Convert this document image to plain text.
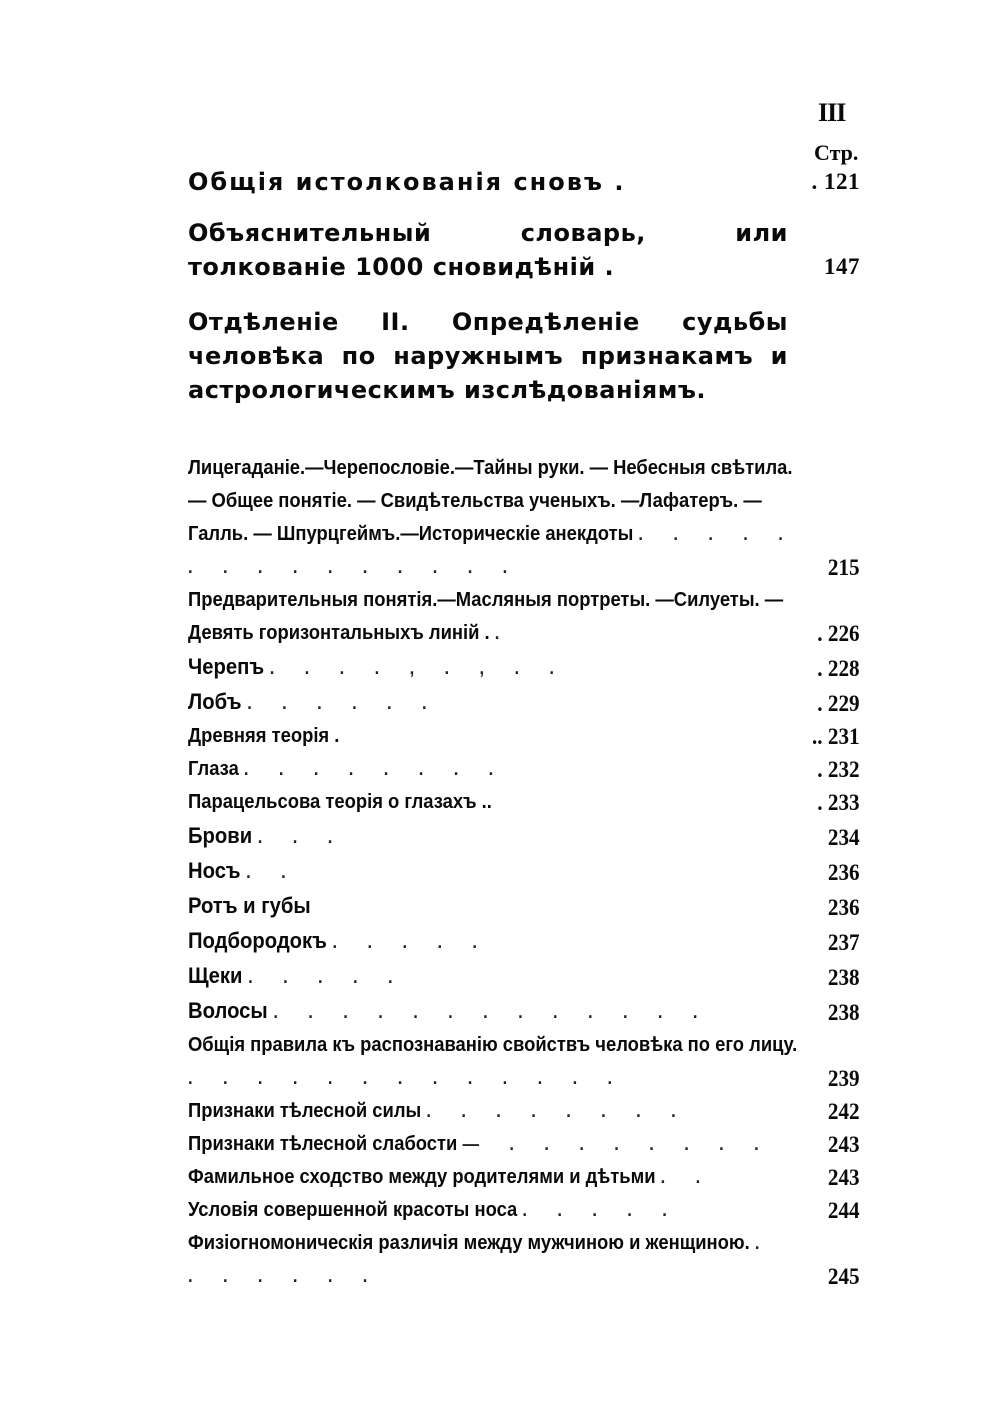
III
Стр.
Общія истолкованія сновъ .	. 121
Объяснительный словарь, или толкованіе 1000 сновидѣній .	147
Отдѣленіе II. Опредѣленіе судьбы человѣка по наружнымъ признакамъ и астрологическимъ изслѣдованіямъ.
Лицегаданіе.—Черепословіе.—Тайны руки. — Небесныя свѣтила. — Общее понятіе. — Свидѣтельства ученыхъ. —Лафатеръ. — Галль. — Шпурцгеймъ.—Историческіе анекдоты . . . . . . . . . . . . . . .	215
Предварительныя понятія.—Масляныя портреты. —Силуеты. — Девять горизонтальныхъ линій . .	. 226
Черепъ . . . . , . , . .	. 228
Лобъ . . . . . .	. 229
Древняя теорія .	.. 231
Глаза . . . . . . . .	. 232
Парацельсова теорія о глазахъ ..	. 233
Брови . . .	234
Носъ . .	236
Ротъ и губы	236
Подбородокъ . . . . .	237
Щеки . . . . .	238
Волосы . . . . . . . . . . . . .	238
Общія правила къ распознаванію свойствъ человѣка по его лицу. . . . . . . . . . . . . .	239
Признаки тѣлесной силы . . . . . . . .	242
Признаки тѣлесной слабости — . . . . . . . . 243
Фамильное сходство между родителями и дѣтьми . .	243
Условія совершенной красоты носа . . . . .	244
Физіогномоническія различія между мужчиною и женщиною. . . . . . . .	245
